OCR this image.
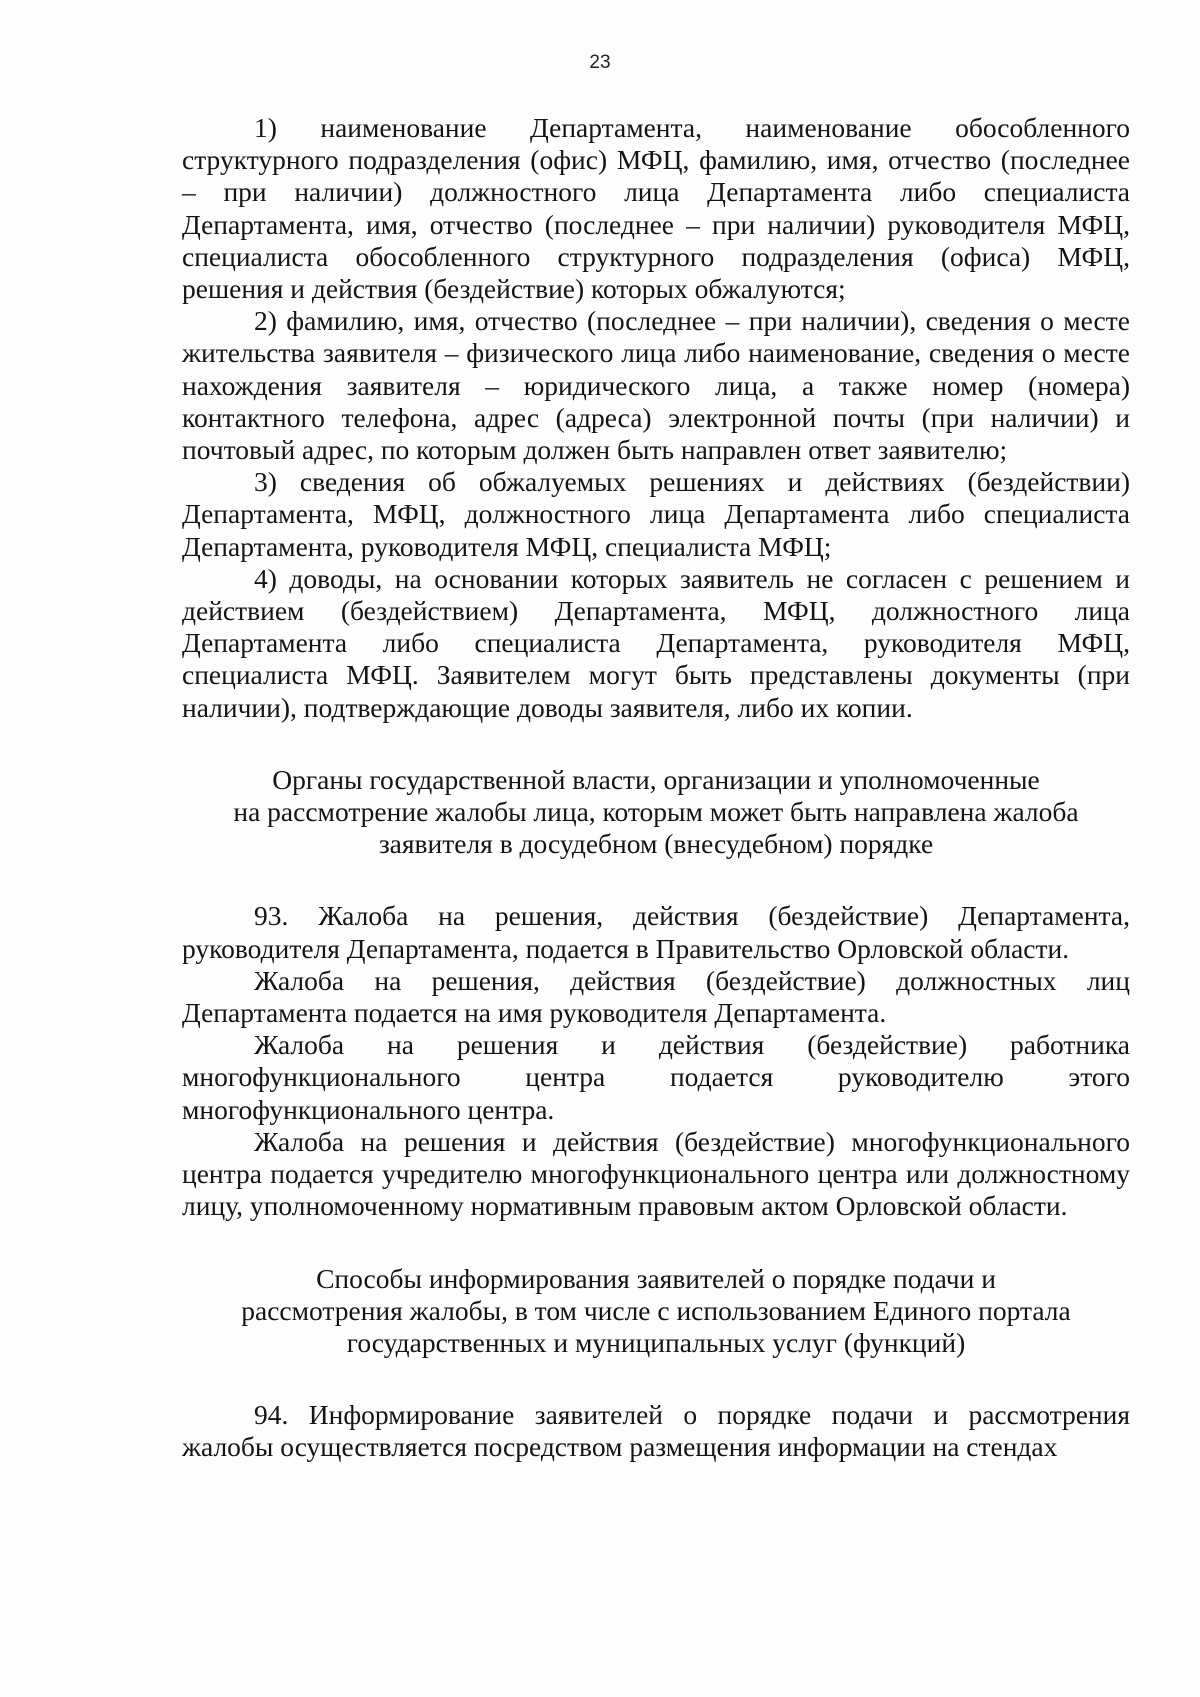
23

1) наименование Департамента, наименование обособленного структурного подразделения (офис) МФЦ, фамилию, имя, отчество (последнее – при наличии) должностного лица Департамента либо специалиста Департамента, имя, отчество (последнее – при наличии) руководителя МФЦ, специалиста обособленного структурного подразделения (офиса) МФЦ, решения и действия (бездействие) которых обжалуются;

2) фамилию, имя, отчество (последнее – при наличии), сведения о месте жительства заявителя – физического лица либо наименование, сведения о месте нахождения заявителя – юридического лица, а также номер (номера) контактного телефона, адрес (адреса) электронной почты (при наличии) и почтовый адрес, по которым должен быть направлен ответ заявителю;

3) сведения об обжалуемых решениях и действиях (бездействии) Департамента, МФЦ, должностного лица Департамента либо специалиста Департамента, руководителя МФЦ, специалиста МФЦ;

4) доводы, на основании которых заявитель не согласен с решением и действием (бездействием) Департамента, МФЦ, должностного лица Департамента либо специалиста Департамента, руководителя МФЦ, специалиста МФЦ. Заявителем могут быть представлены документы (при наличии), подтверждающие доводы заявителя, либо их копии.

Органы государственной власти, организации и уполномоченные
на рассмотрение жалобы лица, которым может быть направлена жалоба
заявителя в досудебном (внесудебном) порядке

93. Жалоба на решения, действия (бездействие) Департамента, руководителя Департамента, подается в Правительство Орловской области.

Жалоба на решения, действия (бездействие) должностных лиц Департамента подается на имя руководителя Департамента.

Жалоба на решения и действия (бездействие) работника многофункционального центра подается руководителю этого многофункционального центра.

Жалоба на решения и действия (бездействие) многофункционального центра подается учредителю многофункционального центра или должностному лицу, уполномоченному нормативным правовым актом Орловской области.

Способы информирования заявителей о порядке подачи и
рассмотрения жалобы, в том числе с использованием Единого портала
государственных и муниципальных услуг (функций)

94. Информирование заявителей о порядке подачи и рассмотрения жалобы осуществляется посредством размещения информации на стендах
